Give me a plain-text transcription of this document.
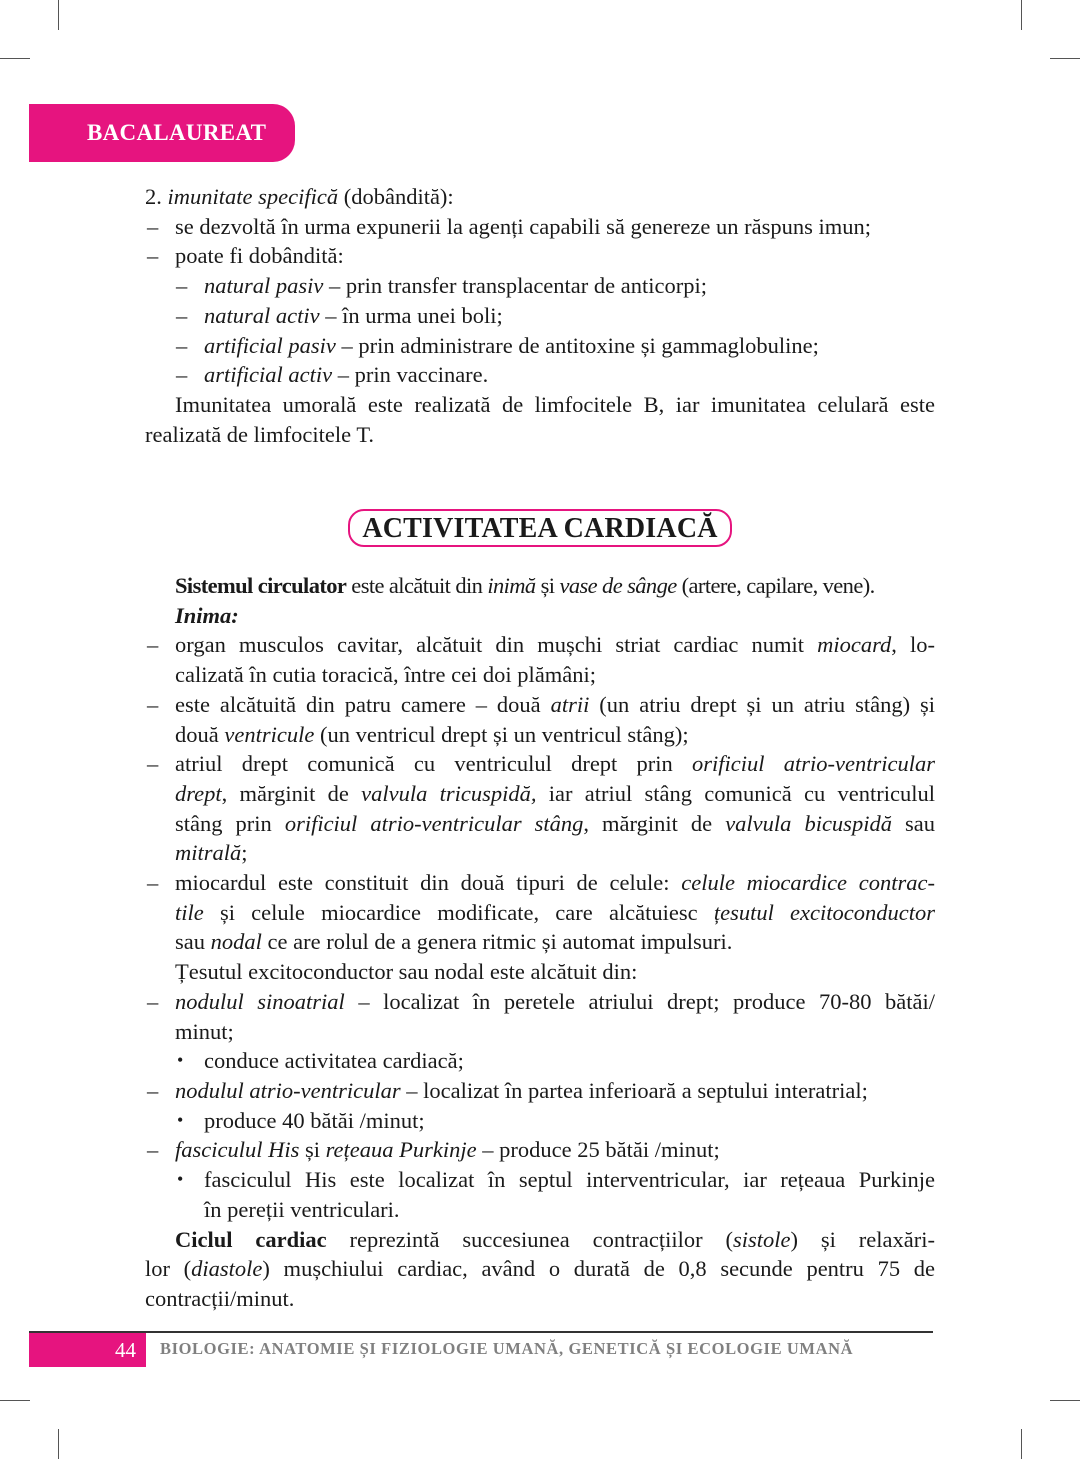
BACALAUREAT
2. imunitate specifică (dobândită):
– se dezvoltă în urma expunerii la agenți capabili să genereze un răspuns imun;
– poate fi dobândită:
– natural pasiv – prin transfer transplacentar de anticorpi;
– natural activ – în urma unei boli;
– artificial pasiv – prin administrare de antitoxine și gammaglobuline;
– artificial activ – prin vaccinare.
Imunitatea umorală este realizată de limfocitele B, iar imunitatea celulară este
realizată de limfocitele T.
ACTIVITATEA CARDIACĂ
Sistemul circulator este alcătuit din inimă și vase de sânge (artere, capilare, vene).
Inima:
– organ musculos cavitar, alcătuit din mușchi striat cardiac numit miocard, lo-
calizată în cutia toracică, între cei doi plămâni;
– este alcătuită din patru camere – două atrii (un atriu drept și un atriu stâng) și
două ventricule (un ventricul drept și un ventricul stâng);
– atriul drept comunică cu ventriculul drept prin orificiul atrio-ventricular
drept, mărginit de valvula tricuspidă, iar atriul stâng comunică cu ventriculul
stâng prin orificiul atrio-ventricular stâng, mărginit de valvula bicuspidă sau
mitrală;
– miocardul este constituit din două tipuri de celule: celule miocardice contrac-
tile și celule miocardice modificate, care alcătuiesc țesutul excitoconductor
sau nodal ce are rolul de a genera ritmic și automat impulsuri.
Țesutul excitoconductor sau nodal este alcătuit din:
– nodulul sinoatrial – localizat în peretele atriului drept; produce 70-80 bătăi/
minut;
• conduce activitatea cardiacă;
– nodulul atrio-ventricular – localizat în partea inferioară a septului interatrial;
• produce 40 bătăi /minut;
– fasciculul His și rețeaua Purkinje – produce 25 bătăi /minut;
• fasciculul His este localizat în septul interventricular, iar rețeaua Purkinje
în pereții ventriculari.
Ciclul cardiac reprezintă succesiunea contracțiilor (sistole) și relaxări-
lor (diastole) mușchiului cardiac, având o durată de 0,8 secunde pentru 75 de
contracții/minut.
44 BIOLOGIE: ANATOMIE ȘI FIZIOLOGIE UMANĂ, GENETICĂ ȘI ECOLOGIE UMANĂ
